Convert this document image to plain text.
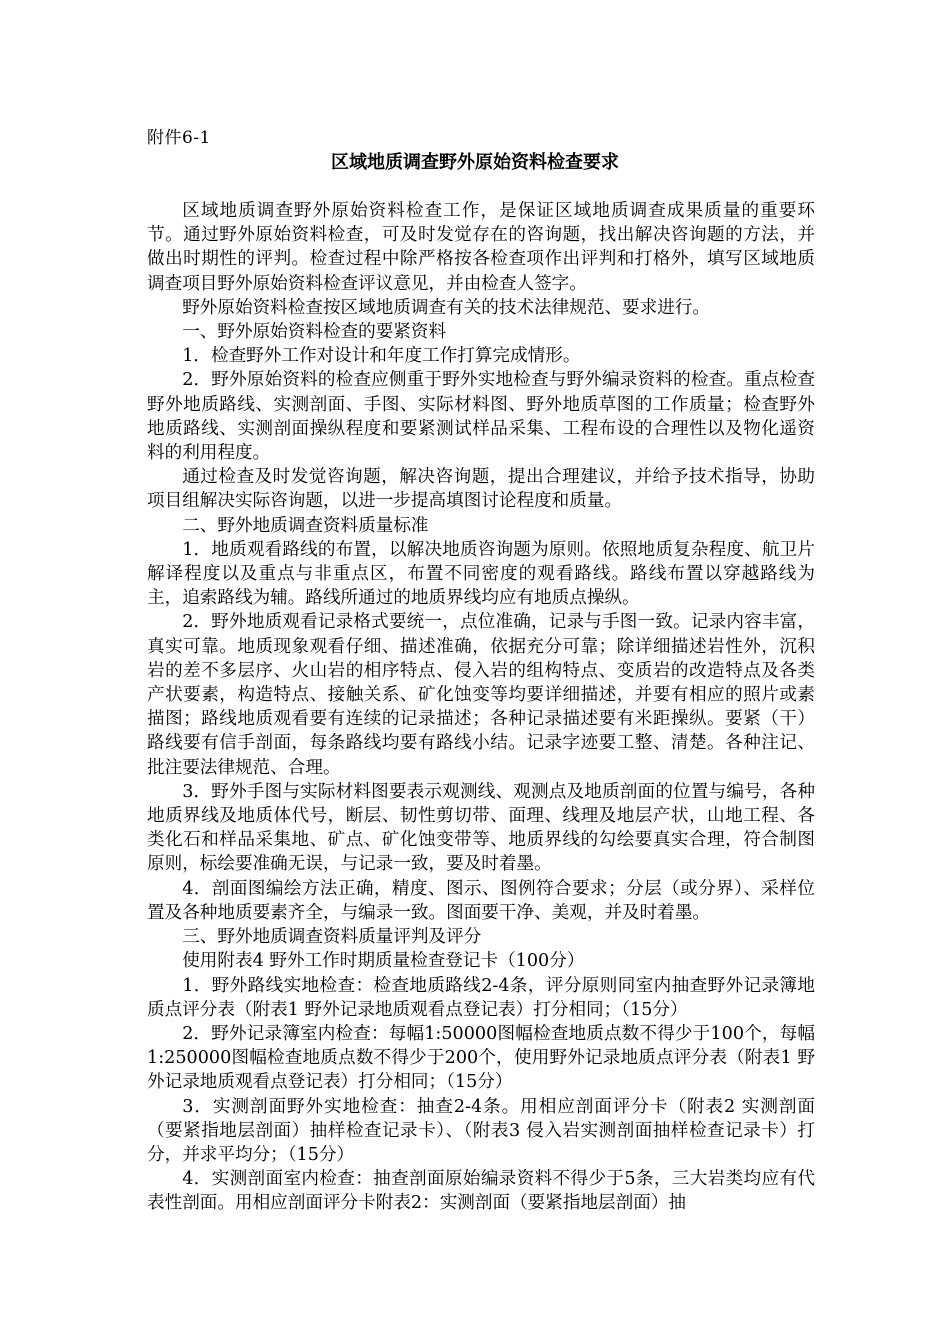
附件6-1
区域地质调查野外原始资料检查要求

区域地质调查野外原始资料检查工作，是保证区域地质调查成果质量的重要环节。通过野外原始资料检查，可及时发觉存在的咨询题，找出解决咨询题的方法，并做出时期性的评判。检查过程中除严格按各检查项作出评判和打格外，填写区域地质调查项目野外原始资料检查评议意见，并由检查人签字。

野外原始资料检查按区域地质调查有关的技术法律规范、要求进行。

一、野外原始资料检查的要紧资料

1．检查野外工作对设计和年度工作打算完成情形。

2．野外原始资料的检查应侧重于野外实地检查与野外编录资料的检查。重点检查野外地质路线、实测剖面、手图、实际材料图、野外地质草图的工作质量；检查野外地质路线、实测剖面操纵程度和要紧测试样品采集、工程布设的合理性以及物化遥资料的利用程度。

通过检查及时发觉咨询题，解决咨询题，提出合理建议，并给予技术指导，协助项目组解决实际咨询题，以进一步提高填图讨论程度和质量。

二、野外地质调查资料质量标准

1．地质观看路线的布置，以解决地质咨询题为原则。依照地质复杂程度、航卫片解译程度以及重点与非重点区，布置不同密度的观看路线。路线布置以穿越路线为主，追索路线为辅。路线所通过的地质界线均应有地质点操纵。

2．野外地质观看记录格式要统一，点位准确，记录与手图一致。记录内容丰富，真实可靠。地质现象观看仔细、描述准确，依据充分可靠；除详细描述岩性外，沉积岩的差不多层序、火山岩的相序特点、侵入岩的组构特点、变质岩的改造特点及各类产状要素，构造特点、接触关系、矿化蚀变等均要详细描述，并要有相应的照片或素描图；路线地质观看要有连续的记录描述；各种记录描述要有米距操纵。要紧（干）路线要有信手剖面，每条路线均要有路线小结。记录字迹要工整、清楚。各种注记、批注要法律规范、合理。

3．野外手图与实际材料图要表示观测线、观测点及地质剖面的位置与编号，各种地质界线及地质体代号，断层、韧性剪切带、面理、线理及地层产状，山地工程、各类化石和样品采集地、矿点、矿化蚀变带等、地质界线的勾绘要真实合理，符合制图原则，标绘要准确无误，与记录一致，要及时着墨。

4．剖面图编绘方法正确，精度、图示、图例符合要求；分层（或分界）、采样位置及各种地质要素齐全，与编录一致。图面要干净、美观，并及时着墨。

三、野外地质调查资料质量评判及评分

使用附表4 野外工作时期质量检查登记卡（100分）

1．野外路线实地检查：检查地质路线2-4条，评分原则同室内抽查野外记录簿地质点评分表（附表1 野外记录地质观看点登记表）打分相同；（15分）

2．野外记录簿室内检查：每幅1:50000图幅检查地质点数不得少于100个，每幅1:250000图幅检查地质点数不得少于200个，使用野外记录地质点评分表（附表1 野外记录地质观看点登记表）打分相同；（15分）

3．实测剖面野外实地检查：抽查2-4条。用相应剖面评分卡（附表2 实测剖面（要紧指地层剖面）抽样检查记录卡）、（附表3 侵入岩实测剖面抽样检查记录卡）打分，并求平均分；（15分）

4．实测剖面室内检查：抽查剖面原始编录资料不得少于5条，三大岩类均应有代表性剖面。用相应剖面评分卡附表2：实测剖面（要紧指地层剖面）抽
